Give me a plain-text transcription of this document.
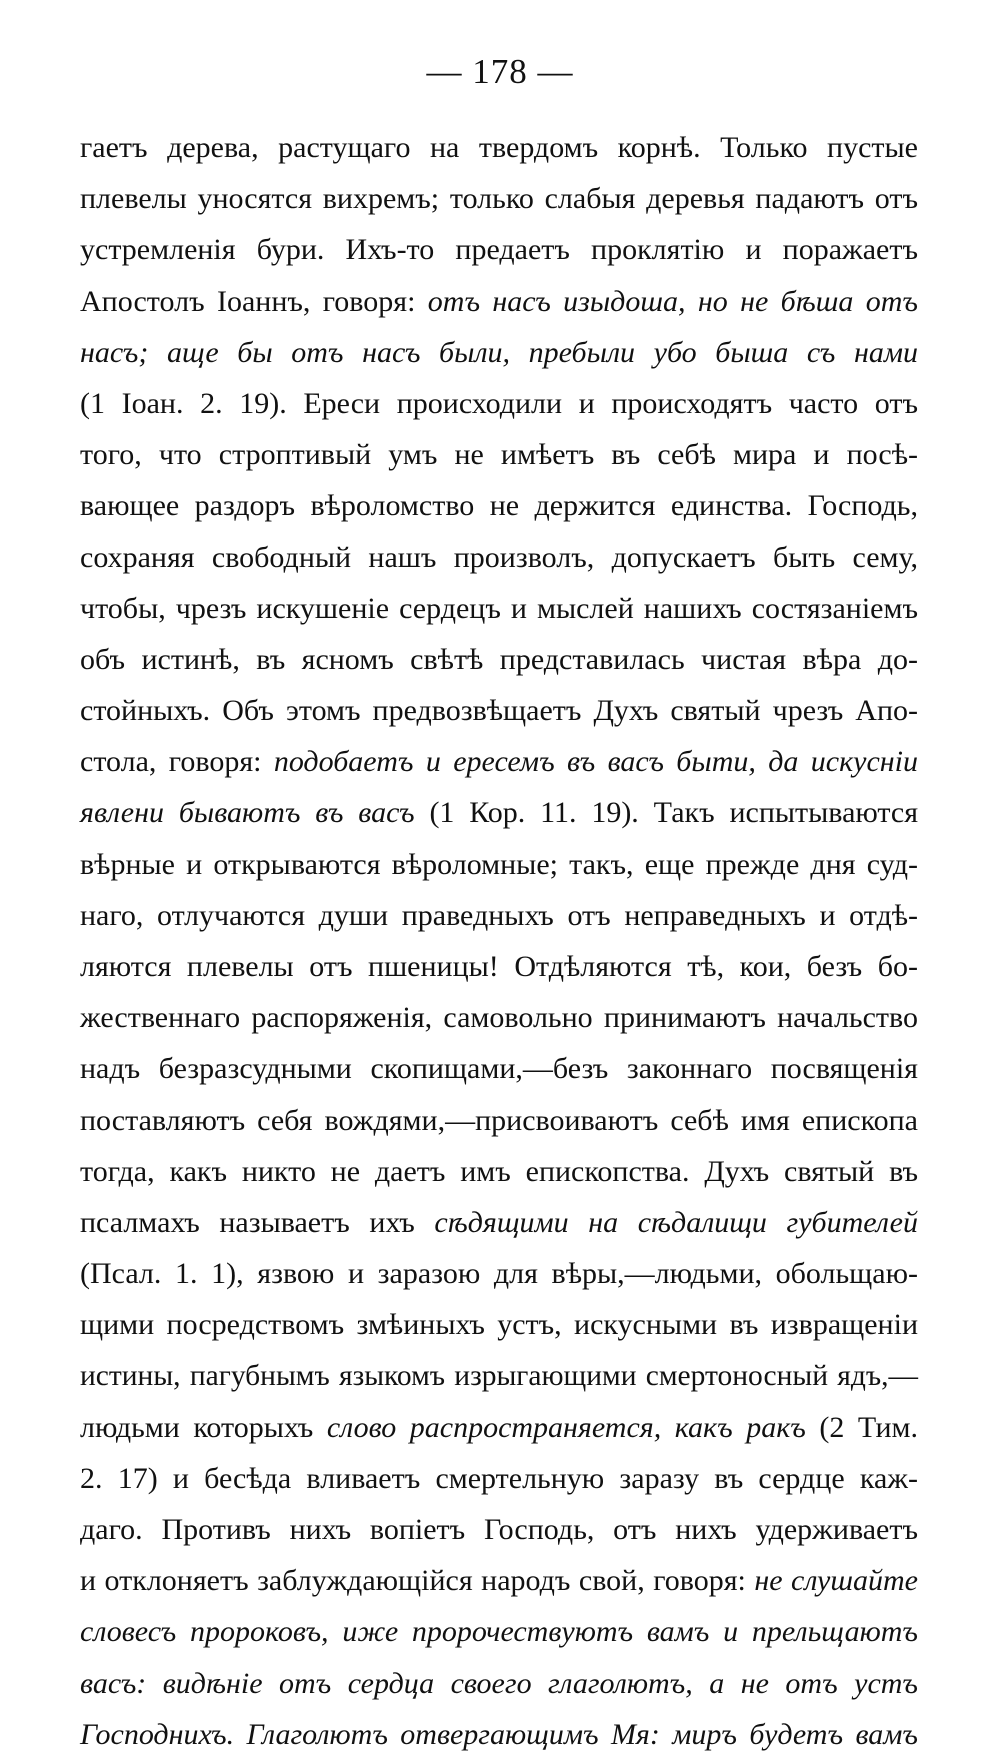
— 178 —
гаетъ дерева, растущаго на твердомъ корнѣ. Только пустые
плевелы уносятся вихремъ; только слабыя деревья падаютъ отъ
устремленія бури. Ихъ-то предаетъ проклятію и поражаетъ
Апостолъ Іоаннъ, говоря: отъ насъ изыдоша, но не бѣша отъ
насъ; аще бы отъ насъ были, пребыли убо быша съ нами
(1 Іоан. 2. 19). Ереси происходили и происходятъ часто отъ
того, что строптивый умъ не имѣетъ въ себѣ мира и посѣ-
вающее раздоръ вѣроломство не держится единства. Господь,
сохраняя свободный нашъ произволъ, допускаетъ быть сему,
чтобы, чрезъ искушеніе сердецъ и мыслей нашихъ состязаніемъ
объ истинѣ, въ ясномъ свѣтѣ представилась чистая вѣра до-
стойныхъ. Объ этомъ предвозвѣщаетъ Духъ святый чрезъ Апо-
стола, говоря: подобаетъ и ересемъ въ васъ быти, да искусніи
явлени бываютъ въ васъ (1 Кор. 11. 19). Такъ испытываются
вѣрные и открываются вѣроломные; такъ, еще прежде дня суд-
наго, отлучаются души праведныхъ отъ неправедныхъ и отдѣ-
ляются плевелы отъ пшеницы! Отдѣляются тѣ, кои, безъ бо-
жественнаго распоряженія, самовольно принимаютъ начальство
надъ безразсудными скопищами,—безъ законнаго посвященія
поставляютъ себя вождями,—присвоиваютъ себѣ имя епископа
тогда, какъ никто не даетъ имъ епископства. Духъ святый въ
псалмахъ называетъ ихъ сѣдящими на сѣдалищи губителей
(Псал. 1. 1), язвою и заразою для вѣры,—людьми, обольщаю-
щими посредствомъ змѣиныхъ устъ, искусными въ извращеніи
истины, пагубнымъ языкомъ изрыгающими смертоносный ядъ,—
людьми которыхъ слово распространяется, какъ ракъ (2 Тим.
2. 17) и бесѣда вливаетъ смертельную заразу въ сердце каж-
даго. Противъ нихъ вопіетъ Господь, отъ нихъ удерживаетъ
и отклоняетъ заблуждающійся народъ свой, говоря: не слушайте
словесъ пророковъ, иже пророчествуютъ вамъ и прельщаютъ
васъ: видѣніе отъ сердца своего глаголютъ, а не отъ устъ
Господнихъ. Глаголютъ отвергающимъ Мя: миръ будетъ вамъ
